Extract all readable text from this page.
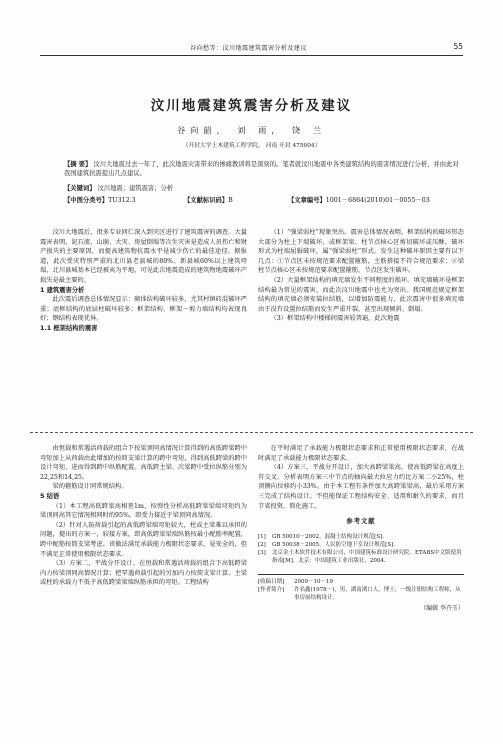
谷向愁等：汶川地震建筑震害分析及建议	55
汶川地震建筑震害分析及建议
谷向韶， 刘 雨， 饶 兰
（开封大学土木建筑工程学院， 河南 开封 475004）
【摘 要】 汶川大地震过去一年了，此次地震灾害带来的惨痛教训将是深刻的。笔者就汶川地震中各类建筑结构的震害情况进行分析，并由此对我国建筑抗震提出几点建议。
【关键词】 汶川地震；建筑震害；分析
【中图分类号】TU312.3	【文献标识码】B	【文章编号】1001－6864(2010)01－0055－03

汶川大地震后，很多专业同仁深入到灾区进行了建筑震害的调查。大量震害表明，泥石流、山崩、大灾、房屋倒塌等次生灾害是造成人员伤亡和财产损失的主要原因，而提高建筑物抗震水平是减少伤亡的最佳途径。据报道，此次受灾特别严重的北川县老县城的80%、新县城60%以上建筑垮塌，北川县城基本已经被夷为平地，可见此次地震造成的建筑物地震破坏产损失是最主要的。

1 建筑震害分析

此次震后调查总体情况显示：砌体结构破坏较多，尤其村镇砖混破坏严重；底框结构的底层柱破坏较多；框架结构、框架－剪力墙结构均表现良好；钢结构表现优异。

1.1 框架结构的震害

（1）“强梁弱柱”现象突出。震害总体情况表明，框架结构的破坏形态大部分为柱上下端破坏，或框架梁、柱节点核心区剪切破坏或压酥，破坏形式为柱端屈服破坏，属“强梁弱柱”形式。发生这种破坏原因主要有以下几点：①节点区未按规范要求配置箍筋，主筋搭接不符合规范要求；②梁柱节点核心区未按规范要求配置箍筋，节点区发生破坏。

（2）大量框架结构的填充墙发生不同程度的损坏。填充墙破坏是框架结构最为常见的震害，而此次汶川地震中也尤为突出。我国规范规定框架结构的填充墙必须安装拉结筋，以增加防震能力，此次震害中很多填充墙由于没有设置拉结筋而发生严重开裂，甚至出现倾斜、倒塌。

（3）框架结构中楼梯间震害较普遍。此次地震

由恒载和常遇活荷载的组合下按梁顶同高情况计算得到的高低跨梁跨中弯矩加上从荷载由此增加的按简支梁计算的跨中弯矩，得到高低跨梁的跨中设计弯矩，进而得到跨中纵筋配置。高低跨主梁、次梁跨中受拉纵筋分别为22,25和14,25。

梁的箍筋设计同常规结构。

5 结语

（1）本工程高低跨梁高相差1m，按弹性分析高低跨梁梁端弯矩约为梁顶同高其它情况相同时的95%，即受力接近于梁顶同高情况。

（2）针对人防荷载引起的高低跨梁端弯矩较大，柱或主梁难以承担的问题，提出的方案一，较接方案，即高低跨梁梁端纵筋按最小配筋率配置，跨中配筋按简支梁考虑。该做法满足承载能力极限状态要求，是安全的，但不满足正常使用极限状态要求。

（3）方案二，平战分开设计。在恒载和常遇活荷载的组合下高低跨梁内力按梁顶同高情况计算；把罕遇荷载引起的另加内力按简支梁计算。主梁或柱的承载力不低于高低跨梁梁端纵筋承担的弯矩。工程结构

在平时满足了承载能力极限状态要求和正常使用极限状态要求，在战时满足了承载能力极限状态要求。

（4）方案三，平战分开设计，加大高跨梁梁高，使高低跨梁在高度上有交叉。分析表明方案三中节点的轴向最大拉应力约比方案二小25%，柱顶侧向位移约小33%。由于本工程有条件加大高跨梁梁高，最后采用方案三完成了结构设计。不但能保证工程结构安全、适用和耐久的要求，而且节省投资，简化施工。

参考文献
[1]	GB 50010－2002，混凝土结构设计规范[S].
[2]	GB 50038－2005，人民防空地下室设计规范[S].
[3]	北京金土木软件技术有限公司，中国建筑标准设计研究院．ETABS中文版使用指南[M]．北京：中国建筑工业出版社，2004.
[收稿日期]	2009－10－19
[作者简介]	许名鑫(1978－)，男，湖南浏口人，博士，一级注册结构工程师，从事房屋结构设计。
（编辑 李卉玉）
